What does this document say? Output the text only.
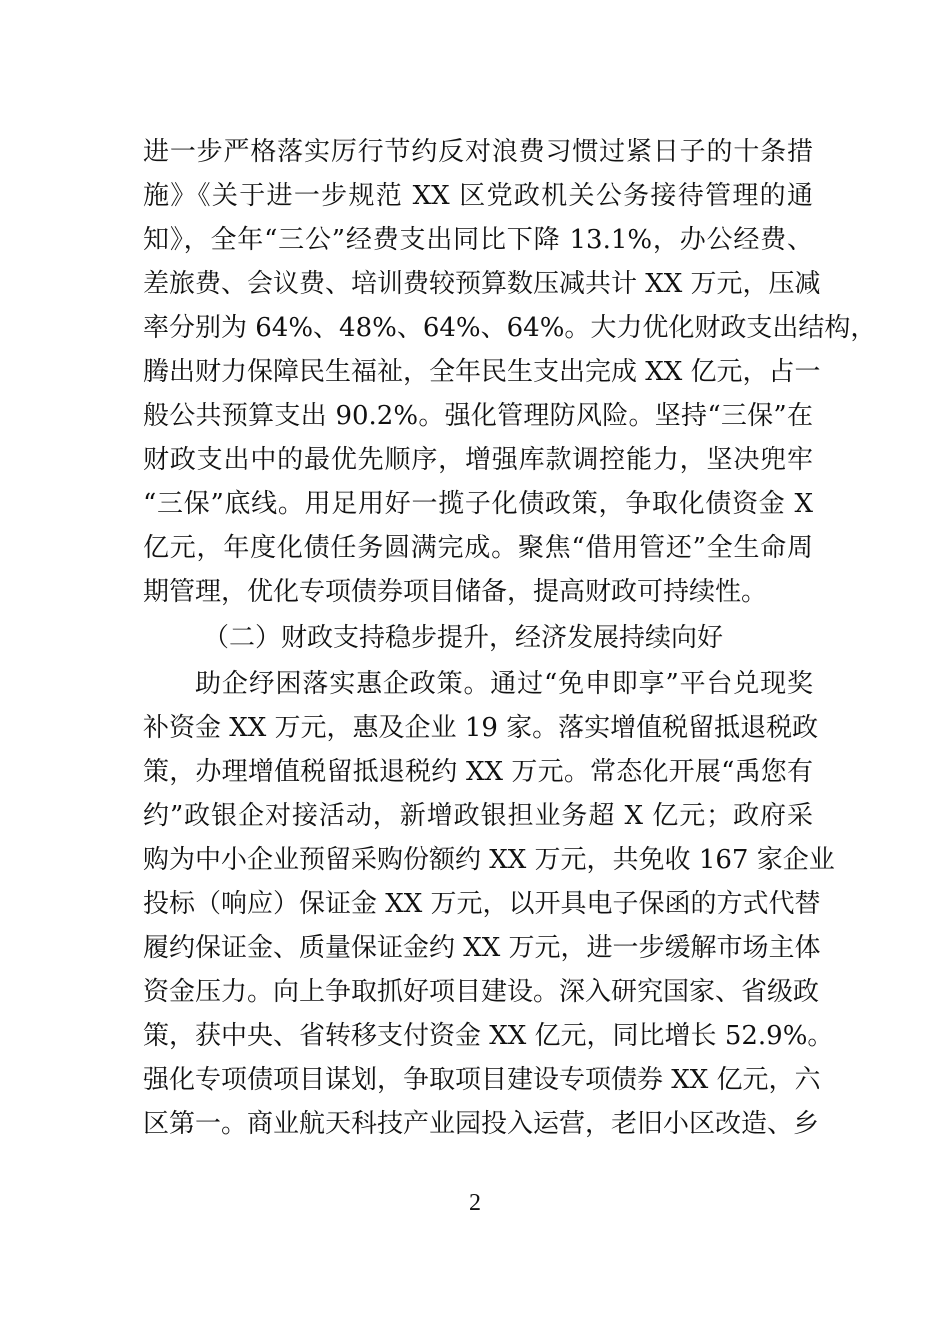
进一步严格落实厉行节约反对浪费习惯过紧日子的十条措
施》《关于进一步规范 XX 区党政机关公务接待管理的通
知》，全年“三公”经费支出同比下降 13.1%，办公经费、
差旅费、会议费、培训费较预算数压减共计 XX 万元，压减
率分别为 64%、48%、64%、64%。大力优化财政支出结构，
腾出财力保障民生福祉，全年民生支出完成 XX 亿元，占一
般公共预算支出 90.2%。强化管理防风险。坚持“三保”在
财政支出中的最优先顺序，增强库款调控能力，坚决兜牢
“三保”底线。用足用好一揽子化债政策，争取化债资金 X
亿元，年度化债任务圆满完成。聚焦“借用管还”全生命周
期管理，优化专项债券项目储备，提高财政可持续性。
（二）财政支持稳步提升，经济发展持续向好
助企纾困落实惠企政策。通过“免申即享”平台兑现奖
补资金 XX 万元，惠及企业 19 家。落实增值税留抵退税政
策，办理增值税留抵退税约 XX 万元。常态化开展“禹您有
约”政银企对接活动，新增政银担业务超 X 亿元；政府采
购为中小企业预留采购份额约 XX 万元，共免收 167 家企业
投标（响应）保证金 XX 万元，以开具电子保函的方式代替
履约保证金、质量保证金约 XX 万元，进一步缓解市场主体
资金压力。向上争取抓好项目建设。深入研究国家、省级政
策，获中央、省转移支付资金 XX 亿元，同比增长 52.9%。
强化专项债项目谋划，争取项目建设专项债券 XX 亿元，六
区第一。商业航天科技产业园投入运营，老旧小区改造、乡
2
